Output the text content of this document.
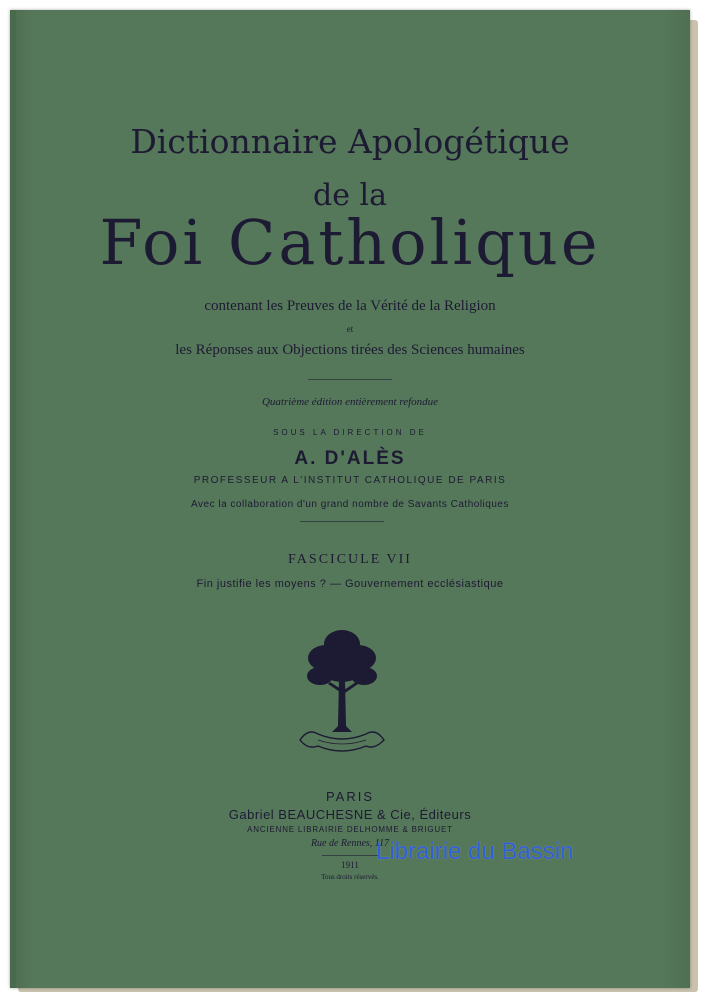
Dictionnaire Apologétique
de la
Foi Catholique
contenant les Preuves de la Vérité de la Religion
et
les Réponses aux Objections tirées des Sciences humaines
Quatrième édition entièrement refondue
SOUS LA DIRECTION DE
A. D'ALÈS
PROFESSEUR A L'INSTITUT CATHOLIQUE DE PARIS
Avec la collaboration d'un grand nombre de Savants Catholiques
FASCICULE VII
Fin justifie les moyens ? — Gouvernement ecclésiastique
PARIS
Gabriel BEAUCHESNE & Cie, Éditeurs
ANCIENNE LIBRAIRIE DELHOMME & BRIGUET
Rue de Rennes, 117
1911
Tous droits réservés.
Librairie du Bassin
